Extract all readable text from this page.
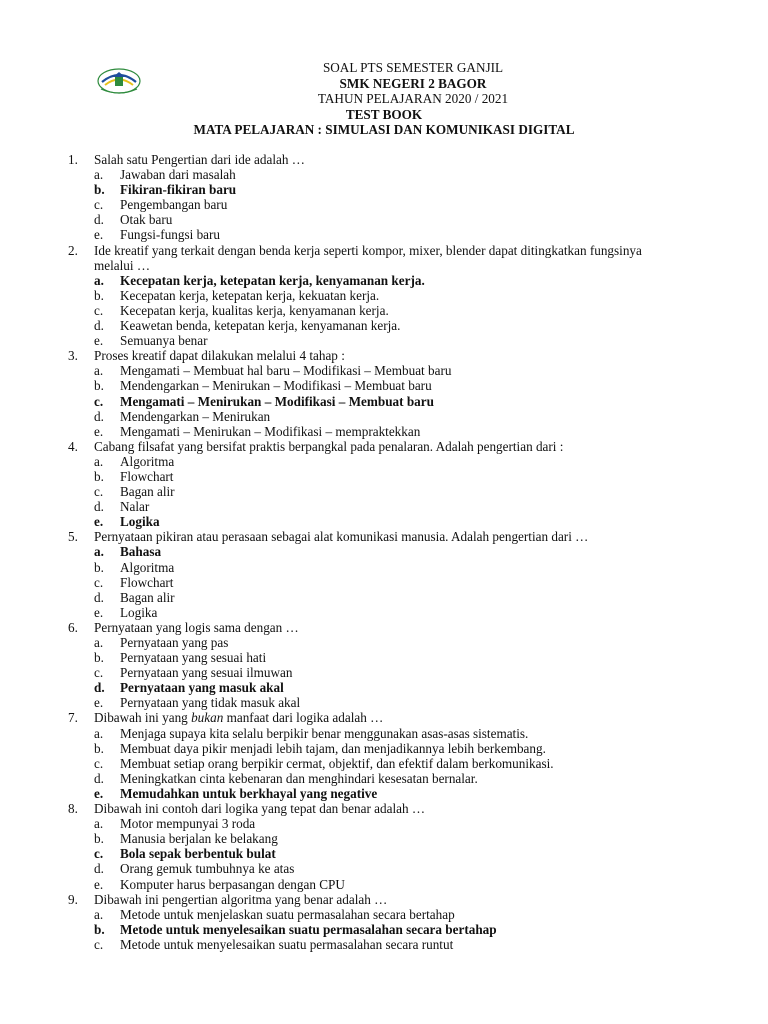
SOAL PTS SEMESTER GANJIL
SMK NEGERI 2 BAGOR
TAHUN PELAJARAN 2020 / 2021
TEST BOOK
MATA PELAJARAN : SIMULASI DAN KOMUNIKASI DIGITAL
1. Salah satu Pengertian dari ide adalah …
a. Jawaban dari masalah
b. Fikiran-fikiran baru
c. Pengembangan baru
d. Otak baru
e. Fungsi-fungsi baru
2. Ide kreatif yang terkait dengan benda kerja seperti kompor, mixer, blender dapat ditingkatkan fungsinya melalui …
a. Kecepatan kerja, ketepatan kerja, kenyamanan kerja.
b. Kecepatan kerja, ketepatan kerja, kekuatan kerja.
c. Kecepatan kerja, kualitas kerja, kenyamanan kerja.
d. Keawetan benda, ketepatan kerja, kenyamanan kerja.
e. Semuanya benar
3. Proses kreatif dapat dilakukan melalui 4 tahap :
a. Mengamati – Membuat hal baru – Modifikasi – Membuat baru
b. Mendengarkan – Menirukan – Modifikasi – Membuat baru
c. Mengamati – Menirukan – Modifikasi – Membuat baru
d. Mendengarkan – Menirukan
e. Mengamati – Menirukan – Modifikasi – mempraktekkan
4. Cabang filsafat yang bersifat praktis berpangkal pada penalaran. Adalah pengertian dari :
a. Algoritma
b. Flowchart
c. Bagan alir
d. Nalar
e. Logika
5. Pernyataan pikiran atau perasaan sebagai alat komunikasi manusia. Adalah pengertian dari …
a. Bahasa
b. Algoritma
c. Flowchart
d. Bagan alir
e. Logika
6. Pernyataan yang logis sama dengan …
a. Pernyataan yang pas
b. Pernyataan yang sesuai hati
c. Pernyataan yang sesuai ilmuwan
d. Pernyataan yang masuk akal
e. Pernyataan yang tidak masuk akal
7. Dibawah ini yang bukan manfaat dari logika adalah …
a. Menjaga supaya kita selalu berpikir benar menggunakan asas-asas sistematis.
b. Membuat daya pikir menjadi lebih tajam, dan menjadikannya lebih berkembang.
c. Membuat setiap orang berpikir cermat, objektif, dan efektif dalam berkomunikasi.
d. Meningkatkan cinta kebenaran dan menghindari kesesatan bernalar.
e. Memudahkan untuk berkhayal yang negative
8. Dibawah ini contoh dari logika yang tepat dan benar adalah …
a. Motor mempunyai 3 roda
b. Manusia berjalan ke belakang
c. Bola sepak berbentuk bulat
d. Orang gemuk tumbuhnya ke atas
e. Komputer harus berpasangan dengan CPU
9. Dibawah ini pengertian algoritma yang benar adalah …
a. Metode untuk menjelaskan suatu permasalahan secara bertahap
b. Metode untuk menyelesaikan suatu permasalahan secara bertahap
c. Metode untuk menyelesaikan suatu permasalahan secara runtut
